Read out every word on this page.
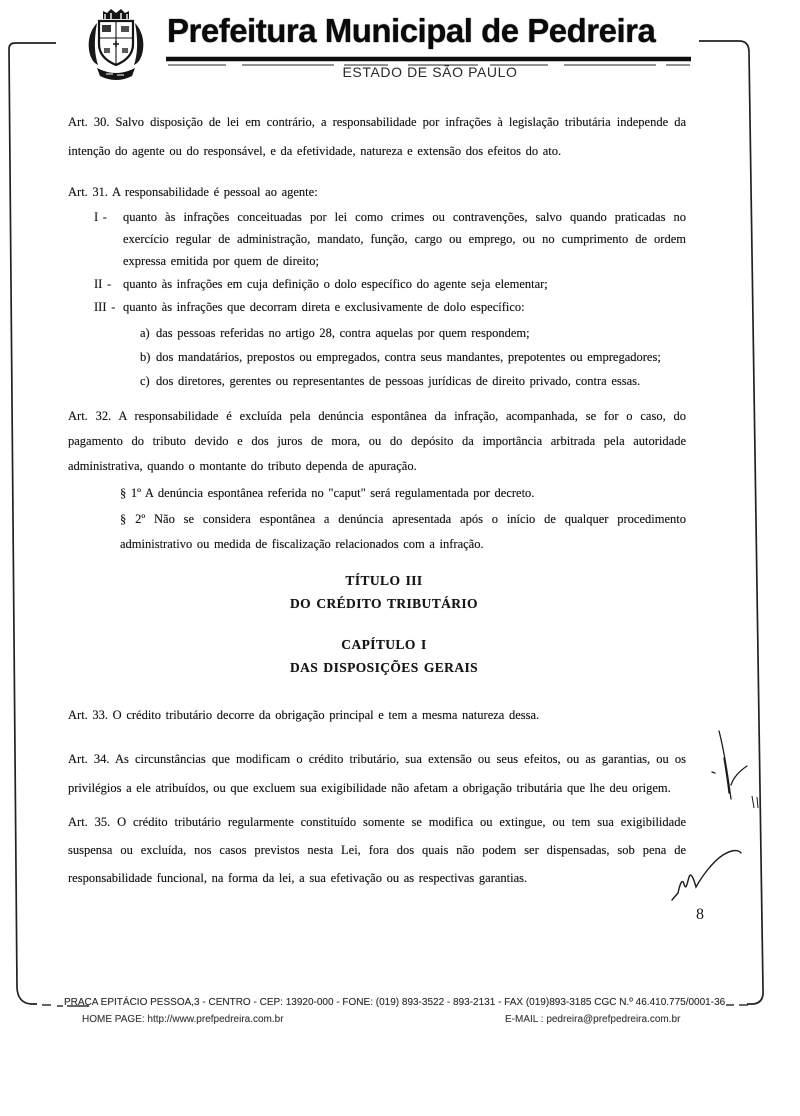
Prefeitura Municipal de Pedreira
ESTADO DE SÃO PAULO

Art. 30. Salvo disposição de lei em contrário, a responsabilidade por infrações à legislação tributária independe da intenção do agente ou do responsável, e da efetividade, natureza e extensão dos efeitos do ato.

Art. 31. A responsabilidade é pessoal ao agente:

I -	quanto às infrações conceituadas por lei como crimes ou contravenções, salvo quando praticadas no exercício regular de administração, mandato, função, cargo ou emprego, ou no cumprimento de ordem expressa emitida por quem de direito;
II - quanto às infrações em cuja definição o dolo específico do agente seja elementar;
III - quanto às infrações que decorram direta e exclusivamente de dolo específico:
a) das pessoas referidas no artigo 28, contra aquelas por quem respondem;
b) dos mandatários, prepostos ou empregados, contra seus mandantes, prepotentes ou empregadores;
c) dos diretores, gerentes ou representantes de pessoas jurídicas de direito privado, contra essas.

Art. 32. A responsabilidade é excluída pela denúncia espontânea da infração, acompanhada, se for o caso, do pagamento do tributo devido e dos juros de mora, ou do depósito da importância arbitrada pela autoridade administrativa, quando o montante do tributo dependa de apuração.

§ 1º A denúncia espontânea referida no "caput" será regulamentada por decreto.

§ 2º Não se considera espontânea a denúncia apresentada após o início de qualquer procedimento administrativo ou medida de fiscalização relacionados com a infração.

TÍTULO III
DO CRÉDITO TRIBUTÁRIO
CAPÍTULO I
DAS DISPOSIÇÕES GERAIS

Art. 33. O crédito tributário decorre da obrigação principal e tem a mesma natureza dessa.

Art. 34. As circunstâncias que modificam o crédito tributário, sua extensão ou seus efeitos, ou as garantias, ou os privilégios a ele atribuídos, ou que excluem sua exigibilidade não afetam a obrigação tributária que lhe deu origem.

Art. 35. O crédito tributário regularmente constituído somente se modifica ou extingue, ou tem sua exigibilidade suspensa ou excluída, nos casos previstos nesta Lei, fora dos quais não podem ser dispensadas, sob pena de responsabilidade funcional, na forma da lei, a sua efetivação ou as respectivas garantias.

8
PRAÇA EPITÁCIO PESSOA,3 - CENTRO - CEP: 13920-000 - FONE: (019) 893-3522 - 893-2131 - FAX (019)893-3185 CGC N.º 46.410.775/0001-36
HOME PAGE: http://www.prefpedreira.com.br	E-MAIL : pedreira@prefpedreira.com.br
